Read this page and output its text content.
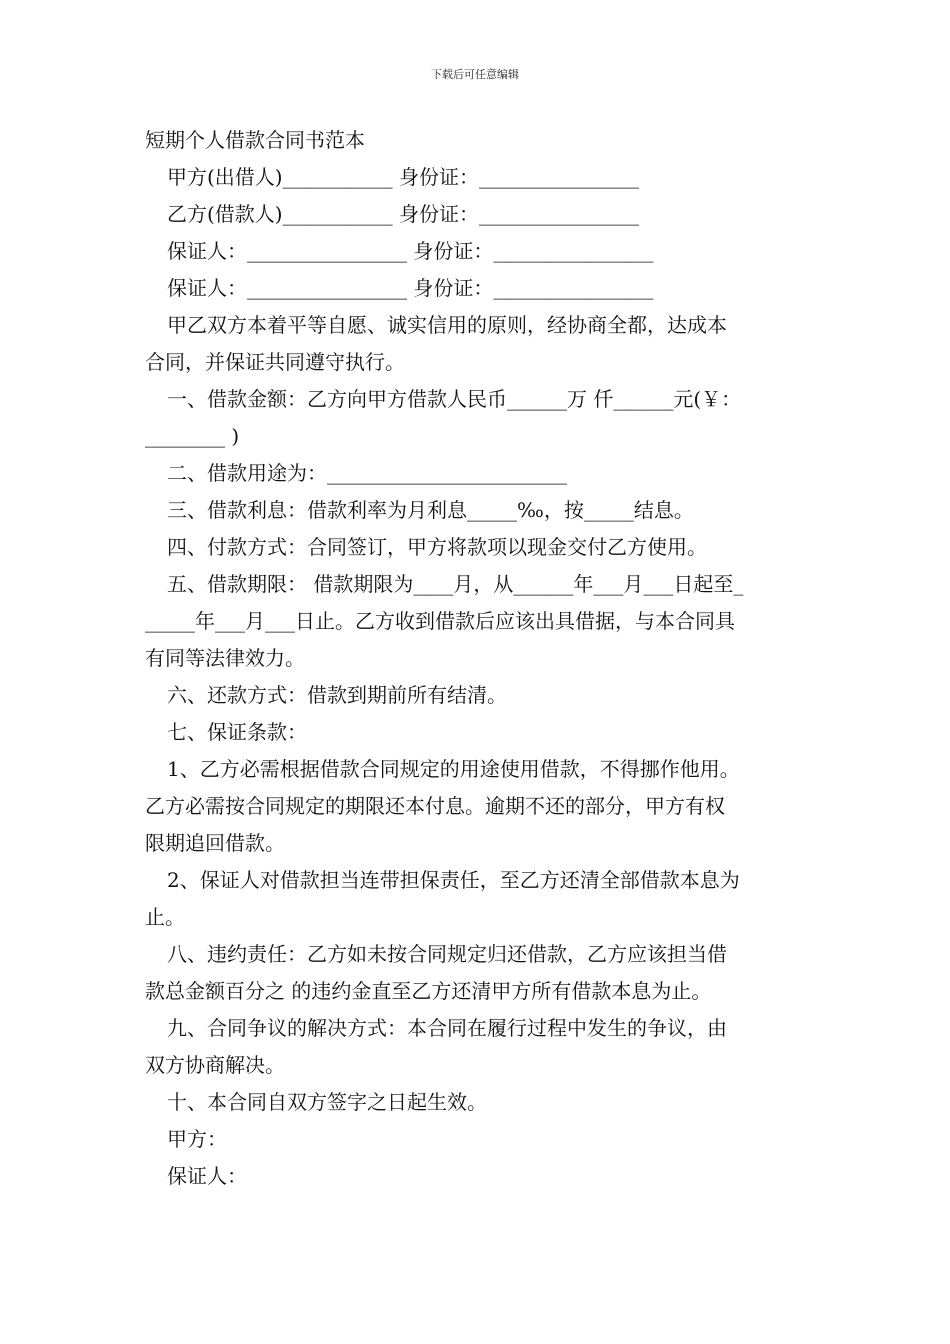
下载后可任意编辑
短期个人借款合同书范本
甲方(出借人)___________ 身份证：________________
乙方(借款人)___________ 身份证：________________
保证人：________________ 身份证：________________
保证人：________________ 身份证：________________
甲乙双方本着平等自愿、诚实信用的原则，经协商全都，达成本
合同，并保证共同遵守执行。
一、借款金额：乙方向甲方借款人民币______万 仟______元(￥：
________ )
二、借款用途为：________________________
三、借款利息：借款利率为月利息_____‰，按_____结息。
四、付款方式：合同签订，甲方将款项以现金交付乙方使用。
五、借款期限： 借款期限为____月，从______年___月___日起至_
_____年___月___日止。乙方收到借款后应该出具借据，与本合同具
有同等法律效力。
六、还款方式：借款到期前所有结清。
七、保证条款：
1、乙方必需根据借款合同规定的用途使用借款，不得挪作他用。
乙方必需按合同规定的期限还本付息。逾期不还的部分，甲方有权
限期追回借款。
2、保证人对借款担当连带担保责任，至乙方还清全部借款本息为
止。
八、违约责任：乙方如未按合同规定归还借款，乙方应该担当借
款总金额百分之 的违约金直至乙方还清甲方所有借款本息为止。
九、合同争议的解决方式：本合同在履行过程中发生的争议，由
双方协商解决。
十、本合同自双方签字之日起生效。
甲方：
保证人：
